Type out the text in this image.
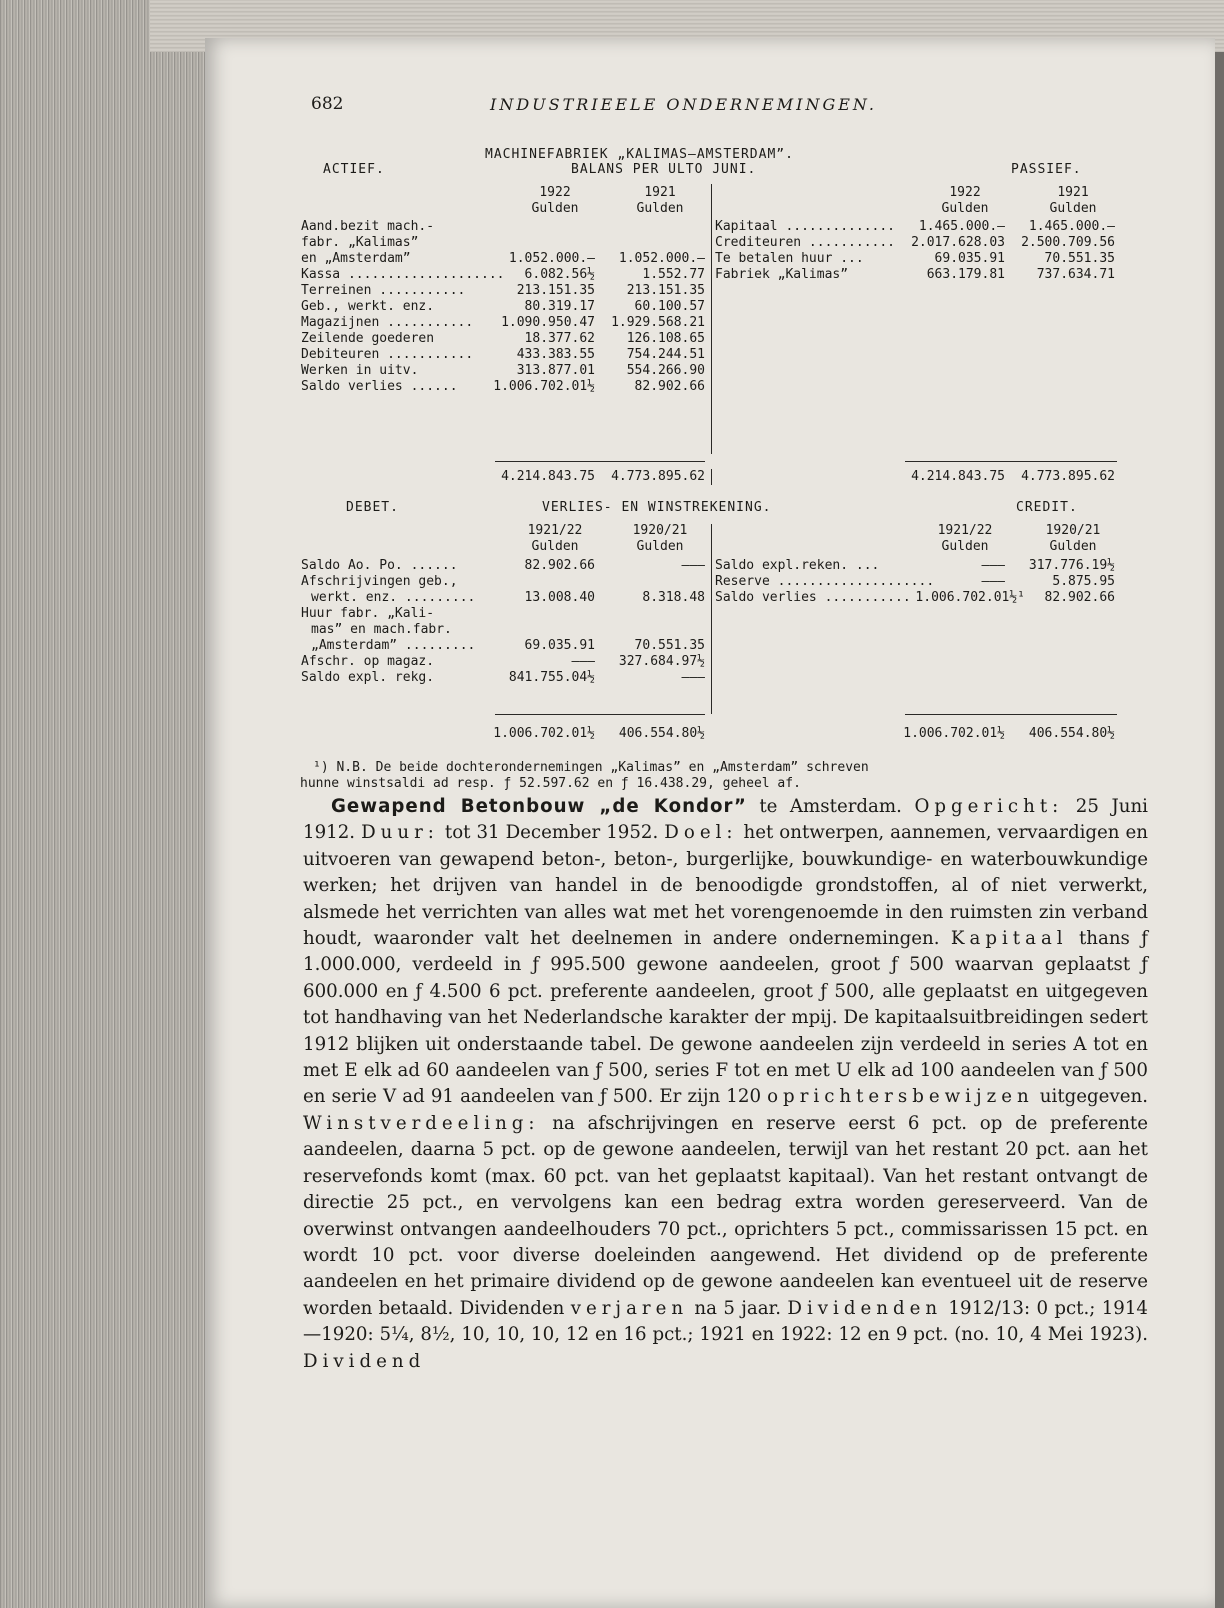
682	INDUSTRIEELE ONDERNEMINGEN.
MACHINEFABRIEK „KALIMAS—AMSTERDAM”.
ACTIEF.	BALANS PER ULTO JUNI.	PASSIEF.
1922	1921
Gulden	Gulden
1922	1921
Gulden	Gulden
Aand.bezit mach.-
fabr. „Kalimas”
en „Amsterdam”	1.052.000.—	1.052.000.—
Kassa ....................	6.082.56½	1.552.77
Terreinen ...........	213.151.35	213.151.35
Geb., werkt. enz.	80.319.17	60.100.57
Magazijnen ...........	1.090.950.47	1.929.568.21
Zeilende goederen	18.377.62	126.108.65
Debiteuren ...........	433.383.55	754.244.51
Werken in uitv.	313.877.01	554.266.90
Saldo verlies ......	1.006.702.01½	82.902.66
Kapitaal ..............	1.465.000.—	1.465.000.—
Crediteuren ...........	2.017.628.03	2.500.709.56
Te betalen huur ...	69.035.91	70.551.35
Fabriek „Kalimas”	663.179.81	737.634.71
4.214.843.75	4.773.895.62	4.214.843.75	4.773.895.62
DEBET.	VERLIES- EN WINSTREKENING.	CREDIT.
1921/22	1920/21
Gulden	Gulden
1921/22	1920/21
Gulden	Gulden
Saldo Ao. Po. ......	82.902.66	———
Afschrijvingen geb.,
werkt. enz. .........	13.008.40	8.318.48
Huur fabr. „Kali-
mas” en mach.fabr.
„Amsterdam” .........	69.035.91	70.551.35
Afschr. op magaz.	———	327.684.97½
Saldo expl. rekg.	841.755.04½	———
Saldo expl.reken. ...	———	317.776.19½
Reserve ....................	———	5.875.95
Saldo verlies ........... 1.006.702.01½¹	82.902.66
1.006.702.01½	406.554.80½	1.006.702.01½	406.554.80½
¹) N.B. De beide dochterondernemingen „Kalimas” en „Amsterdam” schreven
hunne winstsaldi ad resp. ƒ 52.597.62 en ƒ 16.438.29, geheel af.

Gewapend Betonbouw „de Kondor” te Amsterdam. Opgericht: 25 Juni 1912. Duur: tot 31 December 1952. Doel: het ontwerpen, aannemen, vervaardigen en uitvoeren van gewapend beton-, beton-, burgerlijke, bouwkundige- en waterbouwkundige werken; het drijven van handel in de benoodigde grondstoffen, al of niet verwerkt, alsmede het verrichten van alles wat met het vorengenoemde in den ruimsten zin verband houdt, waaronder valt het deelnemen in andere ondernemingen. Kapitaal thans ƒ 1.000.000, verdeeld in ƒ 995.500 gewone aandeelen, groot ƒ 500 waarvan geplaatst ƒ 600.000 en ƒ 4.500 6 pct. preferente aandeelen, groot ƒ 500, alle geplaatst en uitgegeven tot handhaving van het Nederlandsche karakter der mpij. De kapitaalsuitbreidingen sedert 1912 blijken uit onderstaande tabel. De gewone aandeelen zijn verdeeld in series A tot en met E elk ad 60 aandeelen van ƒ 500, series F tot en met U elk ad 100 aandeelen van ƒ 500 en serie V ad 91 aandeelen van ƒ 500. Er zijn 120 oprichtersbewijzen uitgegeven. Winstverdeeling: na afschrijvingen en reserve eerst 6 pct. op de preferente aandeelen, daarna 5 pct. op de gewone aandeelen, terwijl van het restant 20 pct. aan het reservefonds komt (max. 60 pct. van het geplaatst kapitaal). Van het restant ontvangt de directie 25 pct., en vervolgens kan een bedrag extra worden gereserveerd. Van de overwinst ontvangen aandeelhouders 70 pct., oprichters 5 pct., commissarissen 15 pct. en wordt 10 pct. voor diverse doeleinden aangewend. Het dividend op de preferente aandeelen en het primaire dividend op de gewone aandeelen kan eventueel uit de reserve worden betaald. Dividenden verjaren na 5 jaar. Dividenden 1912/13: 0 pct.; 1914—1920: 5¼, 8½, 10, 10, 10, 12 en 16 pct.; 1921 en 1922: 12 en 9 pct. (no. 10, 4 Mei 1923). Dividend
